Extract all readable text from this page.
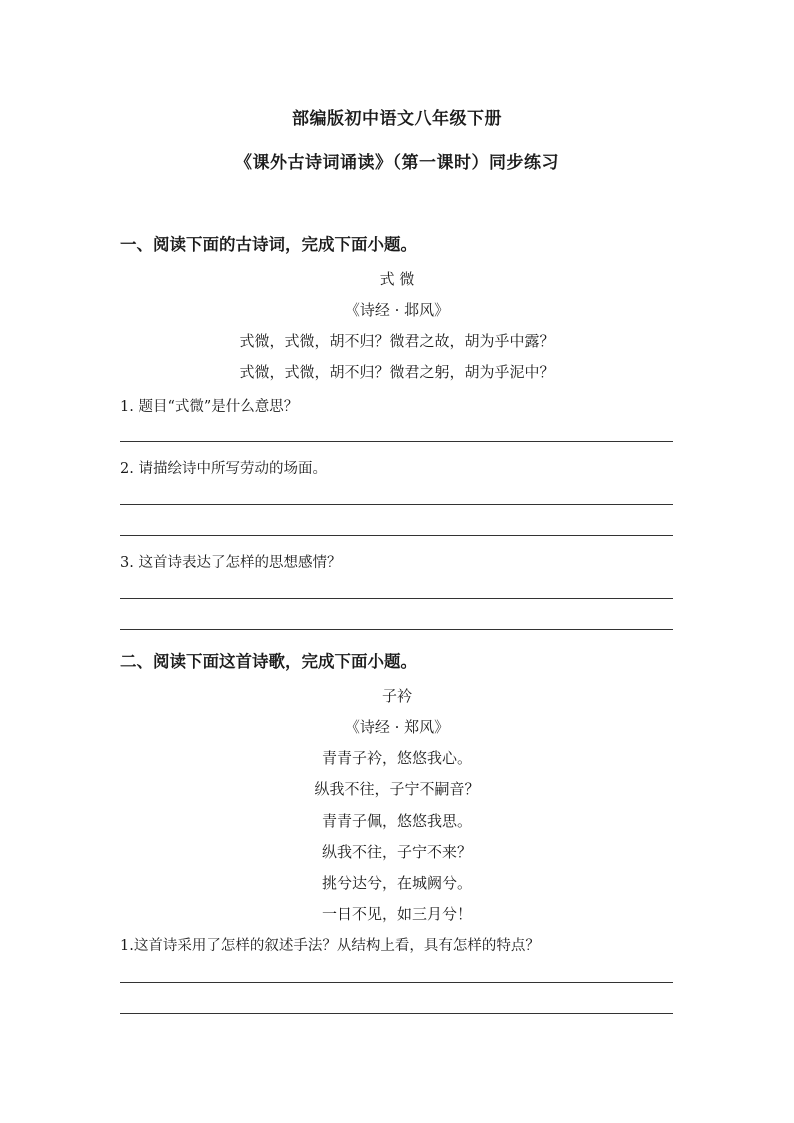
部编版初中语文八年级下册
《课外古诗词诵读》（第一课时）同步练习
一、阅读下面的古诗词，完成下面小题。
式 微
《诗经 · 邶风》
式微，式微，胡不归？微君之故，胡为乎中露？
式微，式微，胡不归？微君之躬，胡为乎泥中？
1. 题目“式微”是什么意思？
2. 请描绘诗中所写劳动的场面。
3. 这首诗表达了怎样的思想感情？
二、阅读下面这首诗歌，完成下面小题。
子衿
《诗经 · 郑风》
青青子衿，悠悠我心。
纵我不往，子宁不嗣音？
青青子佩，悠悠我思。
纵我不往，子宁不来？
挑兮达兮，在城阙兮。
一日不见，如三月兮！
1.这首诗采用了怎样的叙述手法？从结构上看，具有怎样的特点？
